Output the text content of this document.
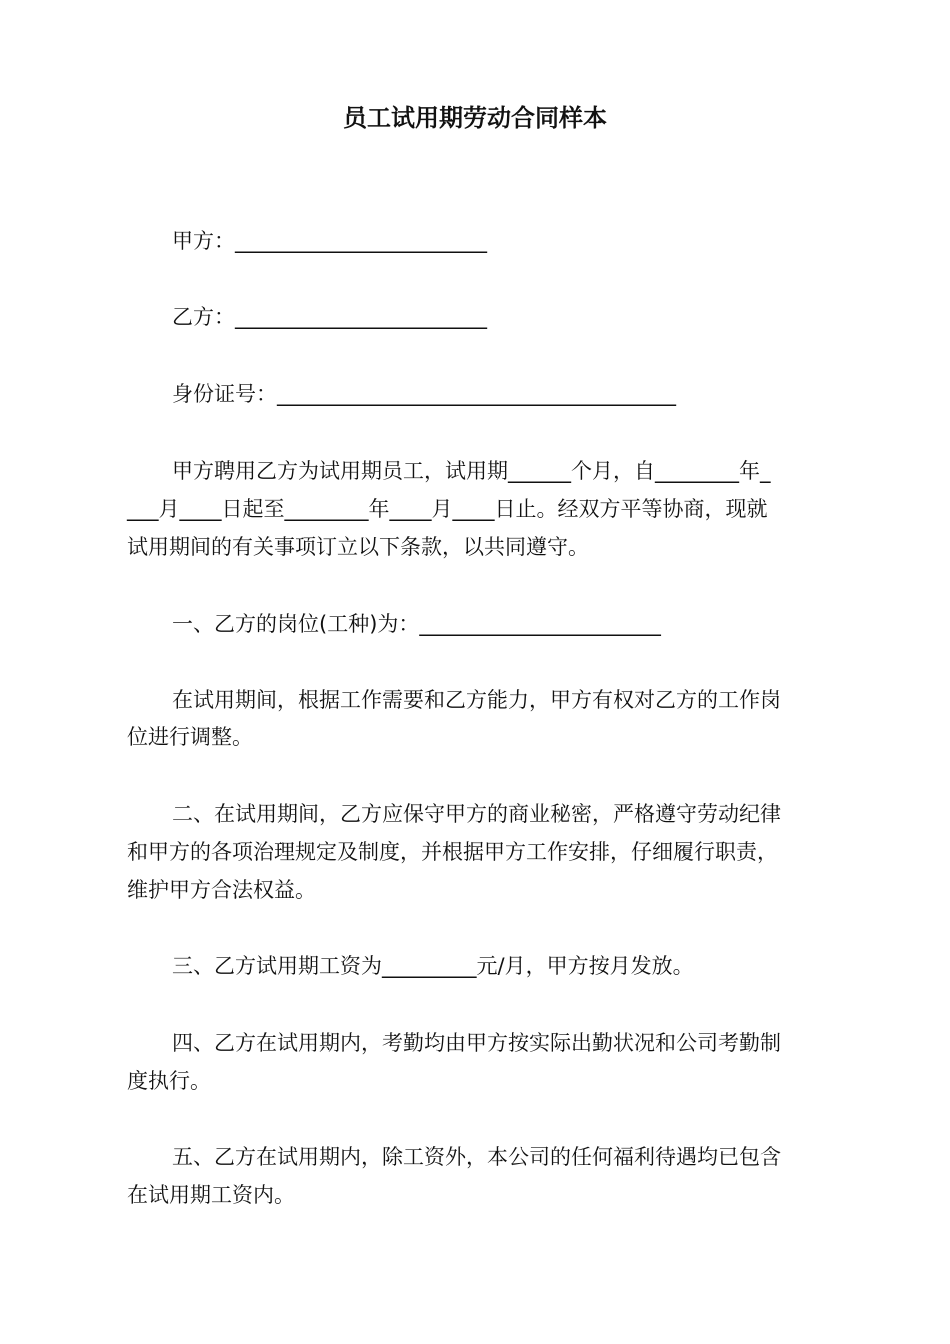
员工试用期劳动合同样本

甲方：________________________

乙方：________________________

身份证号：______________________________________

甲方聘用乙方为试用期员工，试用期______个月，自________年_

___月____日起至________年____月____日止。经双方平等协商，现就

试用期间的有关事项订立以下条款，以共同遵守。

一、乙方的岗位(工种)为：_______________________

在试用期间，根据工作需要和乙方能力，甲方有权对乙方的工作岗

位进行调整。

二、在试用期间，乙方应保守甲方的商业秘密，严格遵守劳动纪律

和甲方的各项治理规定及制度，并根据甲方工作安排，仔细履行职责，

维护甲方合法权益。

三、乙方试用期工资为_________元/月，甲方按月发放。

四、乙方在试用期内，考勤均由甲方按实际出勤状况和公司考勤制

度执行。

五、乙方在试用期内，除工资外，本公司的任何福利待遇均已包含

在试用期工资内。
